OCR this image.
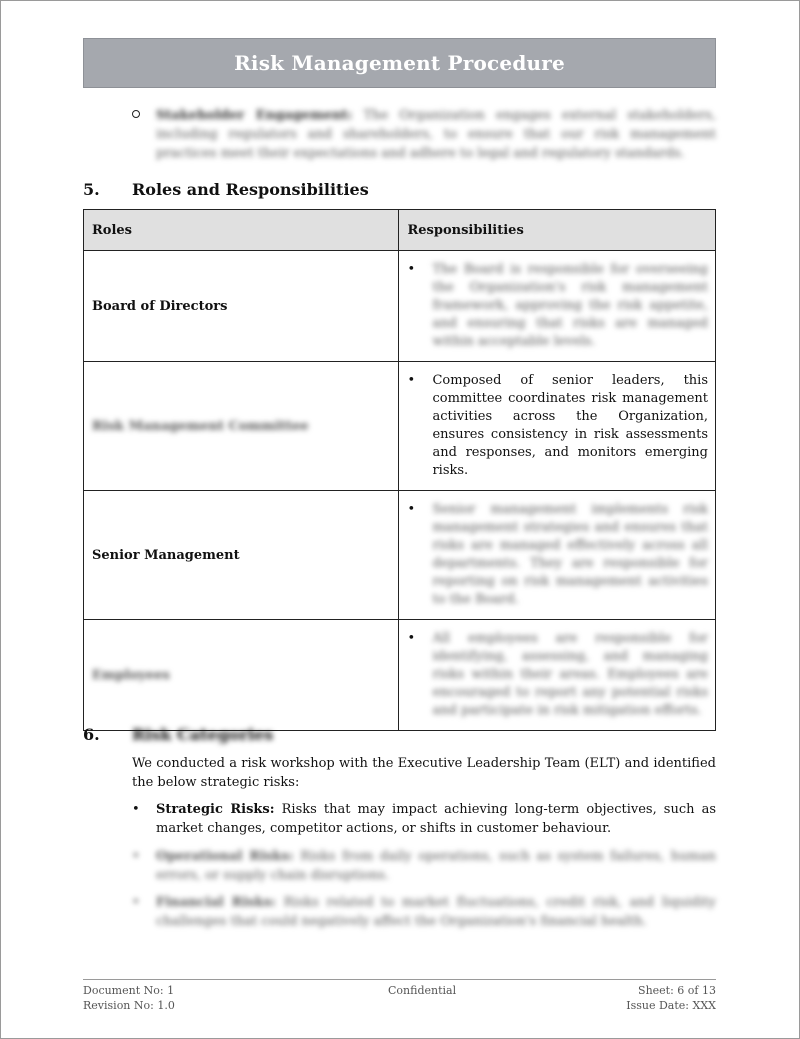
Risk Management Procedure
Stakeholder Engagement: The Organization engages external stakeholders, including regulators and shareholders, to ensure that our risk management practices meet their expectations and adhere to legal and regulatory standards.
5. Roles and Responsibilities
Roles	Responsibilities
Board of Directors	• The Board is responsible for overseeing the Organization's risk management framework, approving the risk appetite, and ensuring that risks are managed within acceptable levels.

Risk Management Committee	• Composed of senior leaders, this committee coordinates risk management activities across the Organization, ensures consistency in risk assessments and responses, and monitors emerging risks.

Senior Management	• Senior management implements risk management strategies and ensures that risks are managed effectively across all departments. They are responsible for reporting on risk management activities to the Board.

Employees	• All employees are responsible for identifying, assessing, and managing risks within their areas. Employees are encouraged to report any potential risks and participate in risk mitigation efforts.
6. Risk Categories
We conducted a risk workshop with the Executive Leadership Team (ELT) and identified the below strategic risks:
•	Strategic Risks: Risks that may impact achieving long-term objectives, such as market changes, competitor actions, or shifts in customer behaviour.
•	Operational Risks: Risks from daily operations, such as system failures, human errors, or supply chain disruptions.
•	Financial Risks: Risks related to market fluctuations, credit risk, and liquidity challenges that could negatively affect the Organization's financial health.
Document No: 1
Revision No: 1.0
Confidential	Sheet: 6 of 13
Issue Date: XXX
